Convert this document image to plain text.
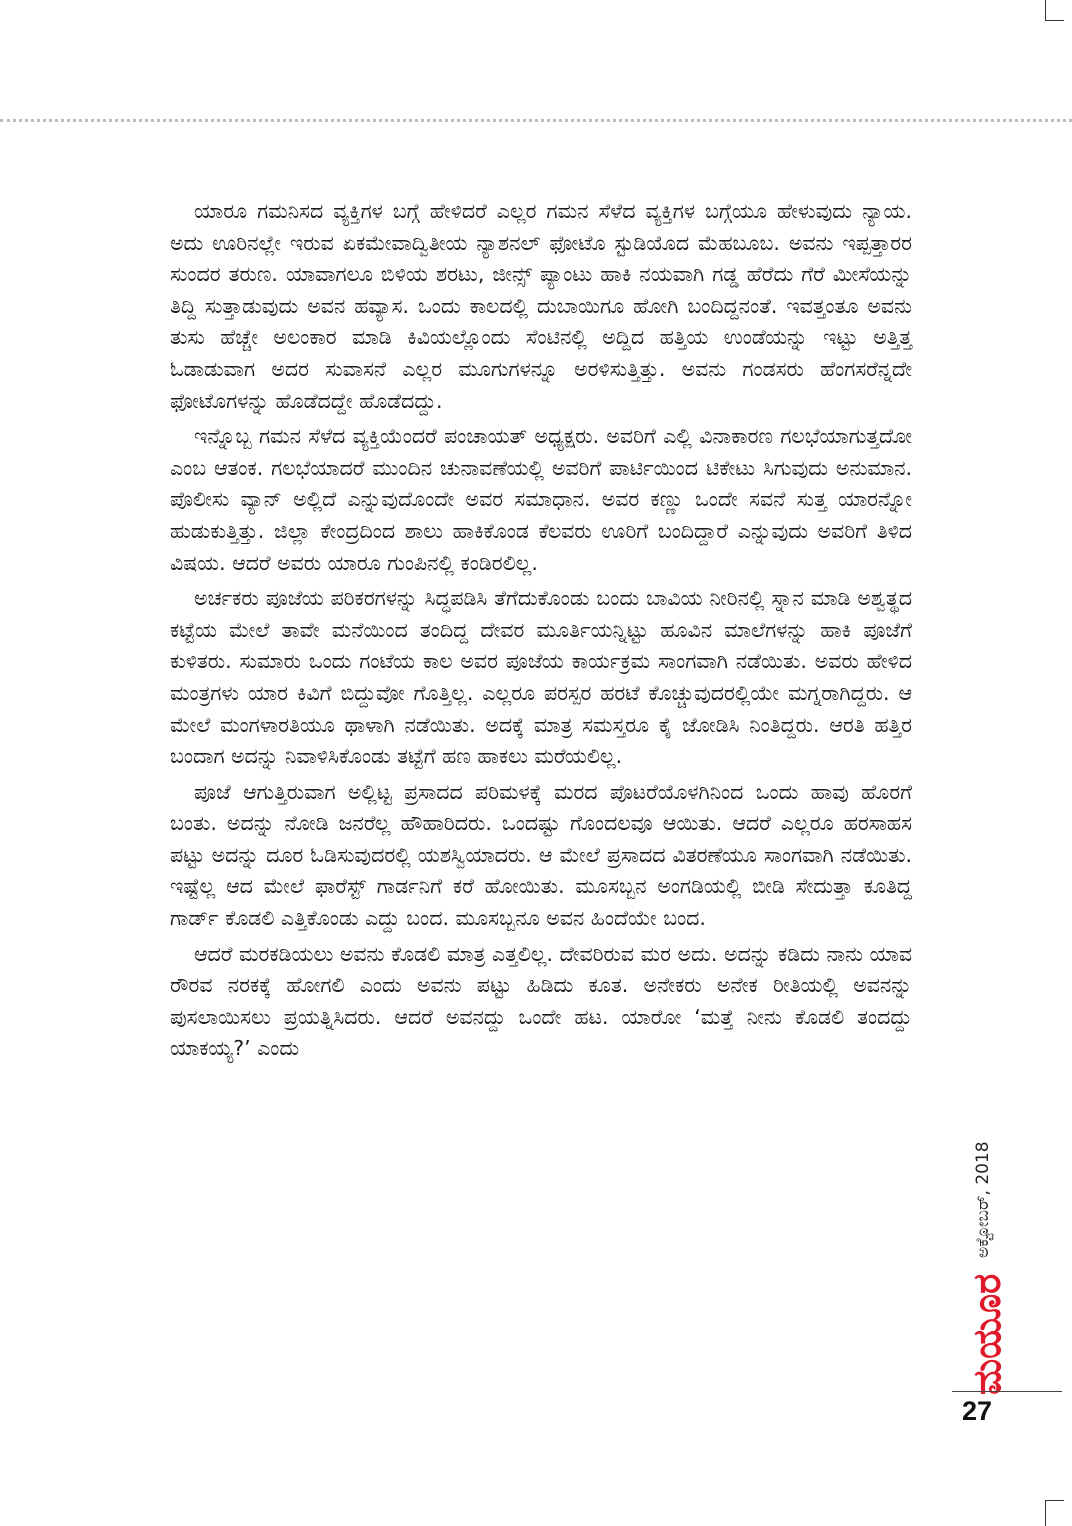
ಯಾರೂ ಗಮನಿಸದ ವ್ಯಕ್ತಿಗಳ ಬಗ್ಗೆ ಹೇಳಿದರೆ ಎಲ್ಲರ ಗಮನ ಸೆಳೆದ ವ್ಯಕ್ತಿಗಳ ಬಗ್ಗೆಯೂ ಹೇಳುವುದು ನ್ಯಾಯ. ಅದು ಊರಿನಲ್ಲೇ ಇರುವ ಏಕಮೇವಾದ್ವಿತೀಯ ನ್ಯಾಶನಲ್ ಫೋಟೊ ಸ್ಟುಡಿಯೊದ ಮೆಹಬೂಬ. ಅವನು ಇಪ್ಪತ್ತಾರರ ಸುಂದರ ತರುಣ. ಯಾವಾಗಲೂ ಬಿಳಿಯ ಶರಟು, ಜೀನ್ಸ್ ಪ್ಯಾಂಟು ಹಾಕಿ ನಯವಾಗಿ ಗಡ್ಡ ಹೆರೆದು ಗೆರೆ ಮೀಸೆಯನ್ನು ತಿದ್ದಿ ಸುತ್ತಾಡುವುದು ಅವನ ಹವ್ಯಾಸ. ಒಂದು ಕಾಲದಲ್ಲಿ ದುಬಾಯಿಗೂ ಹೋಗಿ ಬಂದಿದ್ದನಂತೆ. ಇವತ್ತಂತೂ ಅವನು ತುಸು ಹೆಚ್ಚೇ ಅಲಂಕಾರ ಮಾಡಿ ಕಿವಿಯಲ್ಲೊಂದು ಸೆಂಟಿನಲ್ಲಿ ಅದ್ದಿದ ಹತ್ತಿಯ ಉಂಡೆಯನ್ನು ಇಟ್ಟು ಅತ್ತಿತ್ತ ಓಡಾಡುವಾಗ ಅದರ ಸುವಾಸನೆ ಎಲ್ಲರ ಮೂಗುಗಳನ್ನೂ ಅರಳಿಸುತ್ತಿತ್ತು. ಅವನು ಗಂಡಸರು ಹೆಂಗಸರೆನ್ನದೇ ಫೋಟೊಗಳನ್ನು ಹೊಡೆದದ್ದೇ ಹೊಡೆದದ್ದು.

ಇನ್ನೊಬ್ಬ ಗಮನ ಸೆಳೆದ ವ್ಯಕ್ತಿಯೆಂದರೆ ಪಂಚಾಯತ್ ಅಧ್ಯಕ್ಷರು. ಅವರಿಗೆ ಎಲ್ಲಿ ವಿನಾಕಾರಣ ಗಲಭೆಯಾಗುತ್ತದೋ ಎಂಬ ಆತಂಕ. ಗಲಭೆಯಾದರೆ ಮುಂದಿನ ಚುನಾವಣೆಯಲ್ಲಿ ಅವರಿಗೆ ಪಾರ್ಟಿಯಿಂದ ಟಿಕೇಟು ಸಿಗುವುದು ಅನುಮಾನ. ಪೊಲೀಸು ವ್ಯಾನ್ ಅಲ್ಲಿದೆ ಎನ್ನುವುದೊಂದೇ ಅವರ ಸಮಾಧಾನ. ಅವರ ಕಣ್ಣು ಒಂದೇ ಸವನೆ ಸುತ್ತ ಯಾರನ್ನೋ ಹುಡುಕುತ್ತಿತ್ತು. ಜಿಲ್ಲಾ ಕೇಂದ್ರದಿಂದ ಶಾಲು ಹಾಕಿಕೊಂಡ ಕೆಲವರು ಊರಿಗೆ ಬಂದಿದ್ದಾರೆ ಎನ್ನುವುದು ಅವರಿಗೆ ತಿಳಿದ ವಿಷಯ. ಆದರೆ ಅವರು ಯಾರೂ ಗುಂಪಿನಲ್ಲಿ ಕಂಡಿರಲಿಲ್ಲ.

ಅರ್ಚಕರು ಪೂಜೆಯ ಪರಿಕರಗಳನ್ನು ಸಿದ್ಧಪಡಿಸಿ ತೆಗೆದುಕೊಂಡು ಬಂದು ಬಾವಿಯ ನೀರಿನಲ್ಲಿ ಸ್ನಾನ ಮಾಡಿ ಅಶ್ವತ್ಥದ ಕಟ್ಟೆಯ ಮೇಲೆ ತಾವೇ ಮನೆಯಿಂದ ತಂದಿದ್ದ ದೇವರ ಮೂರ್ತಿಯನ್ನಿಟ್ಟು ಹೂವಿನ ಮಾಲೆಗಳನ್ನು ಹಾಕಿ ಪೂಜೆಗೆ ಕುಳಿತರು. ಸುಮಾರು ಒಂದು ಗಂಟೆಯ ಕಾಲ ಅವರ ಪೂಜೆಯ ಕಾರ್ಯಕ್ರಮ ಸಾಂಗವಾಗಿ ನಡೆಯಿತು. ಅವರು ಹೇಳಿದ ಮಂತ್ರಗಳು ಯಾರ ಕಿವಿಗೆ ಬಿದ್ದುವೋ ಗೊತ್ತಿಲ್ಲ. ಎಲ್ಲರೂ ಪರಸ್ಪರ ಹರಟೆ ಕೊಚ್ಚುವುದರಲ್ಲಿಯೇ ಮಗ್ನರಾಗಿದ್ದರು. ಆ ಮೇಲೆ ಮಂಗಳಾರತಿಯೂ ಥಾಳಾಗಿ ನಡೆಯಿತು. ಅದಕ್ಕೆ ಮಾತ್ರ ಸಮಸ್ತರೂ ಕೈ ಜೋಡಿಸಿ ನಿಂತಿದ್ದರು. ಆರತಿ ಹತ್ತಿರ ಬಂದಾಗ ಅದನ್ನು ನಿವಾಳಿಸಿಕೊಂಡು ತಟ್ಟೆಗೆ ಹಣ ಹಾಕಲು ಮರೆಯಲಿಲ್ಲ.

ಪೂಜೆ ಆಗುತ್ತಿರುವಾಗ ಅಲ್ಲಿಟ್ಟ ಪ್ರಸಾದದ ಪರಿಮಳಕ್ಕೆ ಮರದ ಪೊಟರೆಯೊಳಗಿನಿಂದ ಒಂದು ಹಾವು ಹೊರಗೆ ಬಂತು. ಅದನ್ನು ನೋಡಿ ಜನರೆಲ್ಲ ಹೌಹಾರಿದರು. ಒಂದಷ್ಟು ಗೊಂದಲವೂ ಆಯಿತು. ಆದರೆ ಎಲ್ಲರೂ ಹರಸಾಹಸ ಪಟ್ಟು ಅದನ್ನು ದೂರ ಓಡಿಸುವುದರಲ್ಲಿ ಯಶಸ್ವಿಯಾದರು. ಆ ಮೇಲೆ ಪ್ರಸಾದದ ವಿತರಣೆಯೂ ಸಾಂಗವಾಗಿ ನಡೆಯಿತು. ಇಷ್ಟೆಲ್ಲ ಆದ ಮೇಲೆ ಫಾರೆಸ್ಟ್ ಗಾರ್ಡನಿಗೆ ಕರೆ ಹೋಯಿತು. ಮೂಸಬ್ಬನ ಅಂಗಡಿಯಲ್ಲಿ ಬೀಡಿ ಸೇದುತ್ತಾ ಕೂತಿದ್ದ ಗಾರ್ಡ್ ಕೊಡಲಿ ಎತ್ತಿಕೊಂಡು ಎದ್ದು ಬಂದ. ಮೂಸಬ್ಬನೂ ಅವನ ಹಿಂದೆಯೇ ಬಂದ.

ಆದರೆ ಮರಕಡಿಯಲು ಅವನು ಕೊಡಲಿ ಮಾತ್ರ ಎತ್ತಲಿಲ್ಲ. ದೇವರಿರುವ ಮರ ಅದು. ಅದನ್ನು ಕಡಿದು ನಾನು ಯಾವ ರೌರವ ನರಕಕ್ಕೆ ಹೋಗಲಿ ಎಂದು ಅವನು ಪಟ್ಟು ಹಿಡಿದು ಕೂತ. ಅನೇಕರು ಅನೇಕ ರೀತಿಯಲ್ಲಿ ಅವನನ್ನು ಪುಸಲಾಯಿಸಲು ಪ್ರಯತ್ನಿಸಿದರು. ಆದರೆ ಅವನದ್ದು ಒಂದೇ ಹಟ. ಯಾರೋ ‘ಮತ್ತೆ ನೀನು ಕೊಡಲಿ ತಂದದ್ದು ಯಾಕಯ್ಯ?’ ಎಂದು

ಮಯೂರ
ಅಕ್ಟೋಬರ್, 2018
27
